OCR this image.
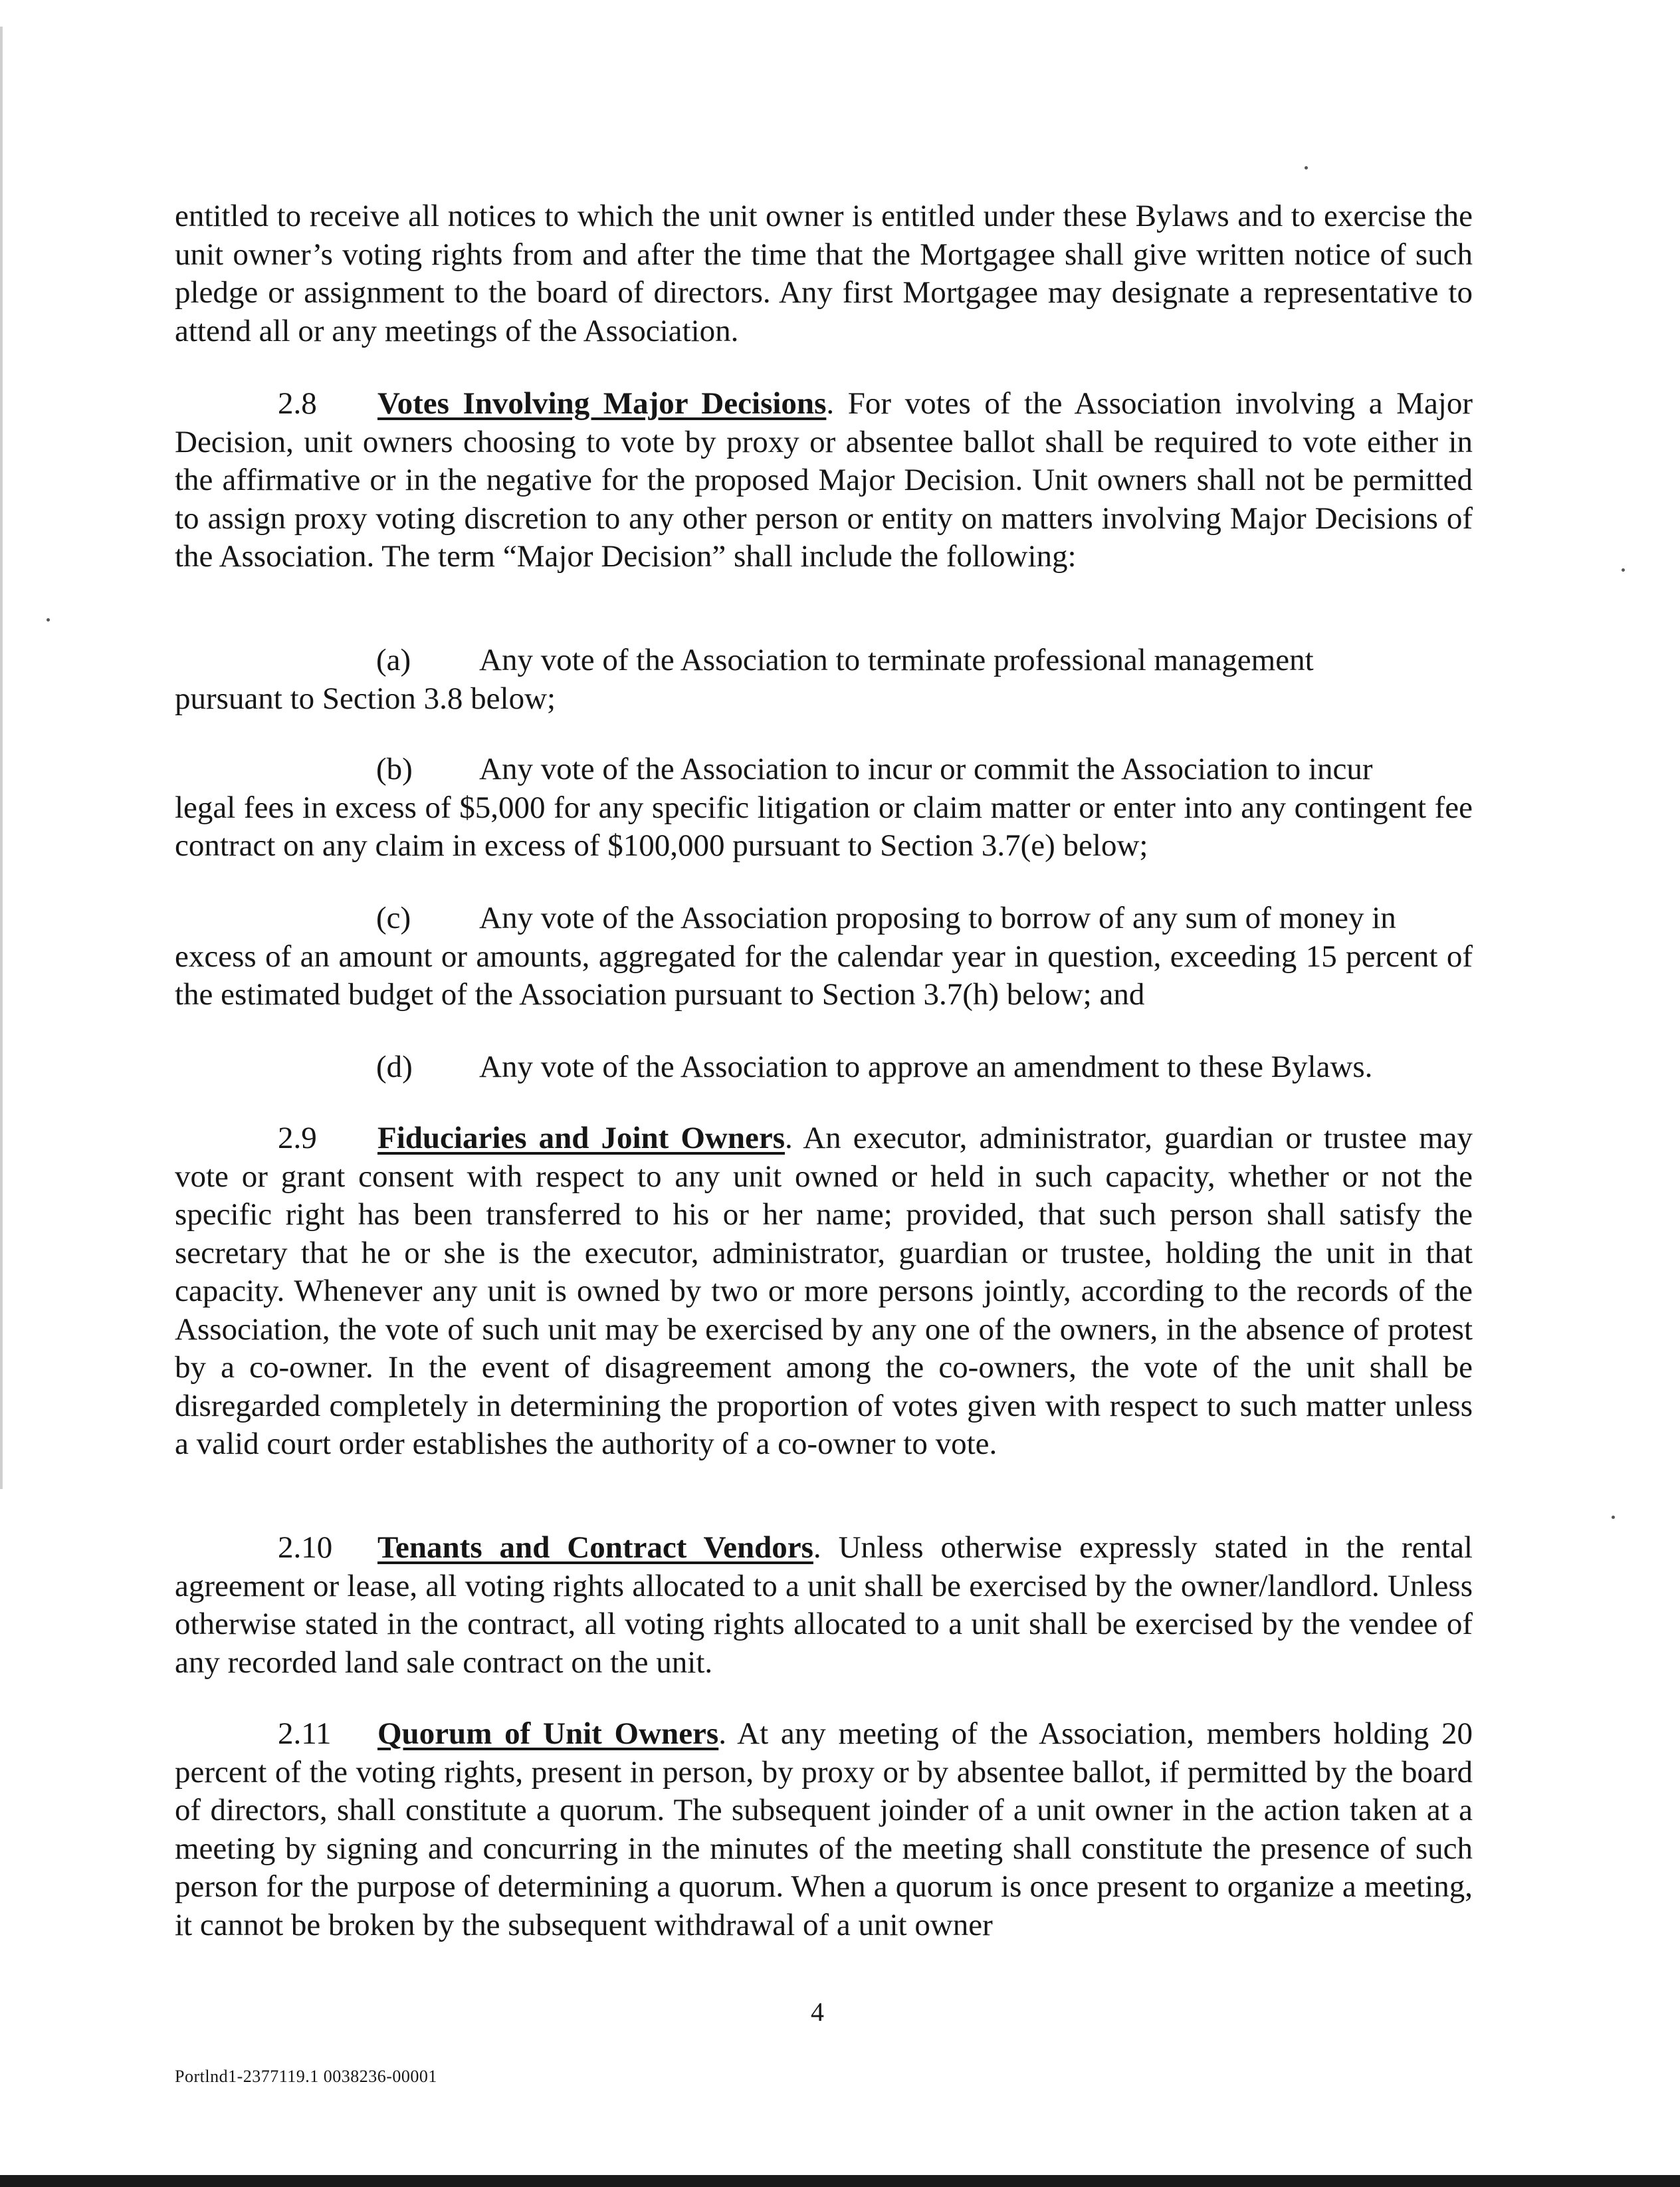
entitled to receive all notices to which the unit owner is entitled under these Bylaws and to exercise the unit owner’s voting rights from and after the time that the Mortgagee shall give written notice of such pledge or assignment to the board of directors. Any first Mortgagee may designate a representative to attend all or any meetings of the Association.

2.8 Votes Involving Major Decisions. For votes of the Association involving a Major Decision, unit owners choosing to vote by proxy or absentee ballot shall be required to vote either in the affirmative or in the negative for the proposed Major Decision. Unit owners shall not be permitted to assign proxy voting discretion to any other person or entity on matters involving Major Decisions of the Association. The term “Major Decision” shall include the following:

(a) Any vote of the Association to terminate professional management
pursuant to Section 3.8 below;

(b) Any vote of the Association to incur or commit the Association to incur
legal fees in excess of $5,000 for any specific litigation or claim matter or enter into any contingent fee contract on any claim in excess of $100,000 pursuant to Section 3.7(e) below;

(c) Any vote of the Association proposing to borrow of any sum of money in
excess of an amount or amounts, aggregated for the calendar year in question, exceeding 15 percent of the estimated budget of the Association pursuant to Section 3.7(h) below; and

(d) Any vote of the Association to approve an amendment to these Bylaws.

2.9 Fiduciaries and Joint Owners. An executor, administrator, guardian or trustee may vote or grant consent with respect to any unit owned or held in such capacity, whether or not the specific right has been transferred to his or her name; provided, that such person shall satisfy the secretary that he or she is the executor, administrator, guardian or trustee, holding the unit in that capacity. Whenever any unit is owned by two or more persons jointly, according to the records of the Association, the vote of such unit may be exercised by any one of the owners, in the absence of protest by a co-owner. In the event of disagreement among the co-owners, the vote of the unit shall be disregarded completely in determining the proportion of votes given with respect to such matter unless a valid court order establishes the authority of a co-owner to vote.

2.10 Tenants and Contract Vendors. Unless otherwise expressly stated in the rental agreement or lease, all voting rights allocated to a unit shall be exercised by the owner/landlord. Unless otherwise stated in the contract, all voting rights allocated to a unit shall be exercised by the vendee of any recorded land sale contract on the unit.

2.11 Quorum of Unit Owners. At any meeting of the Association, members holding 20 percent of the voting rights, present in person, by proxy or by absentee ballot, if permitted by the board of directors, shall constitute a quorum. The subsequent joinder of a unit owner in the action taken at a meeting by signing and concurring in the minutes of the meeting shall constitute the presence of such person for the purpose of determining a quorum. When a quorum is once present to organize a meeting, it cannot be broken by the subsequent withdrawal of a unit owner

4
Portlnd1-2377119.1 0038236-00001
